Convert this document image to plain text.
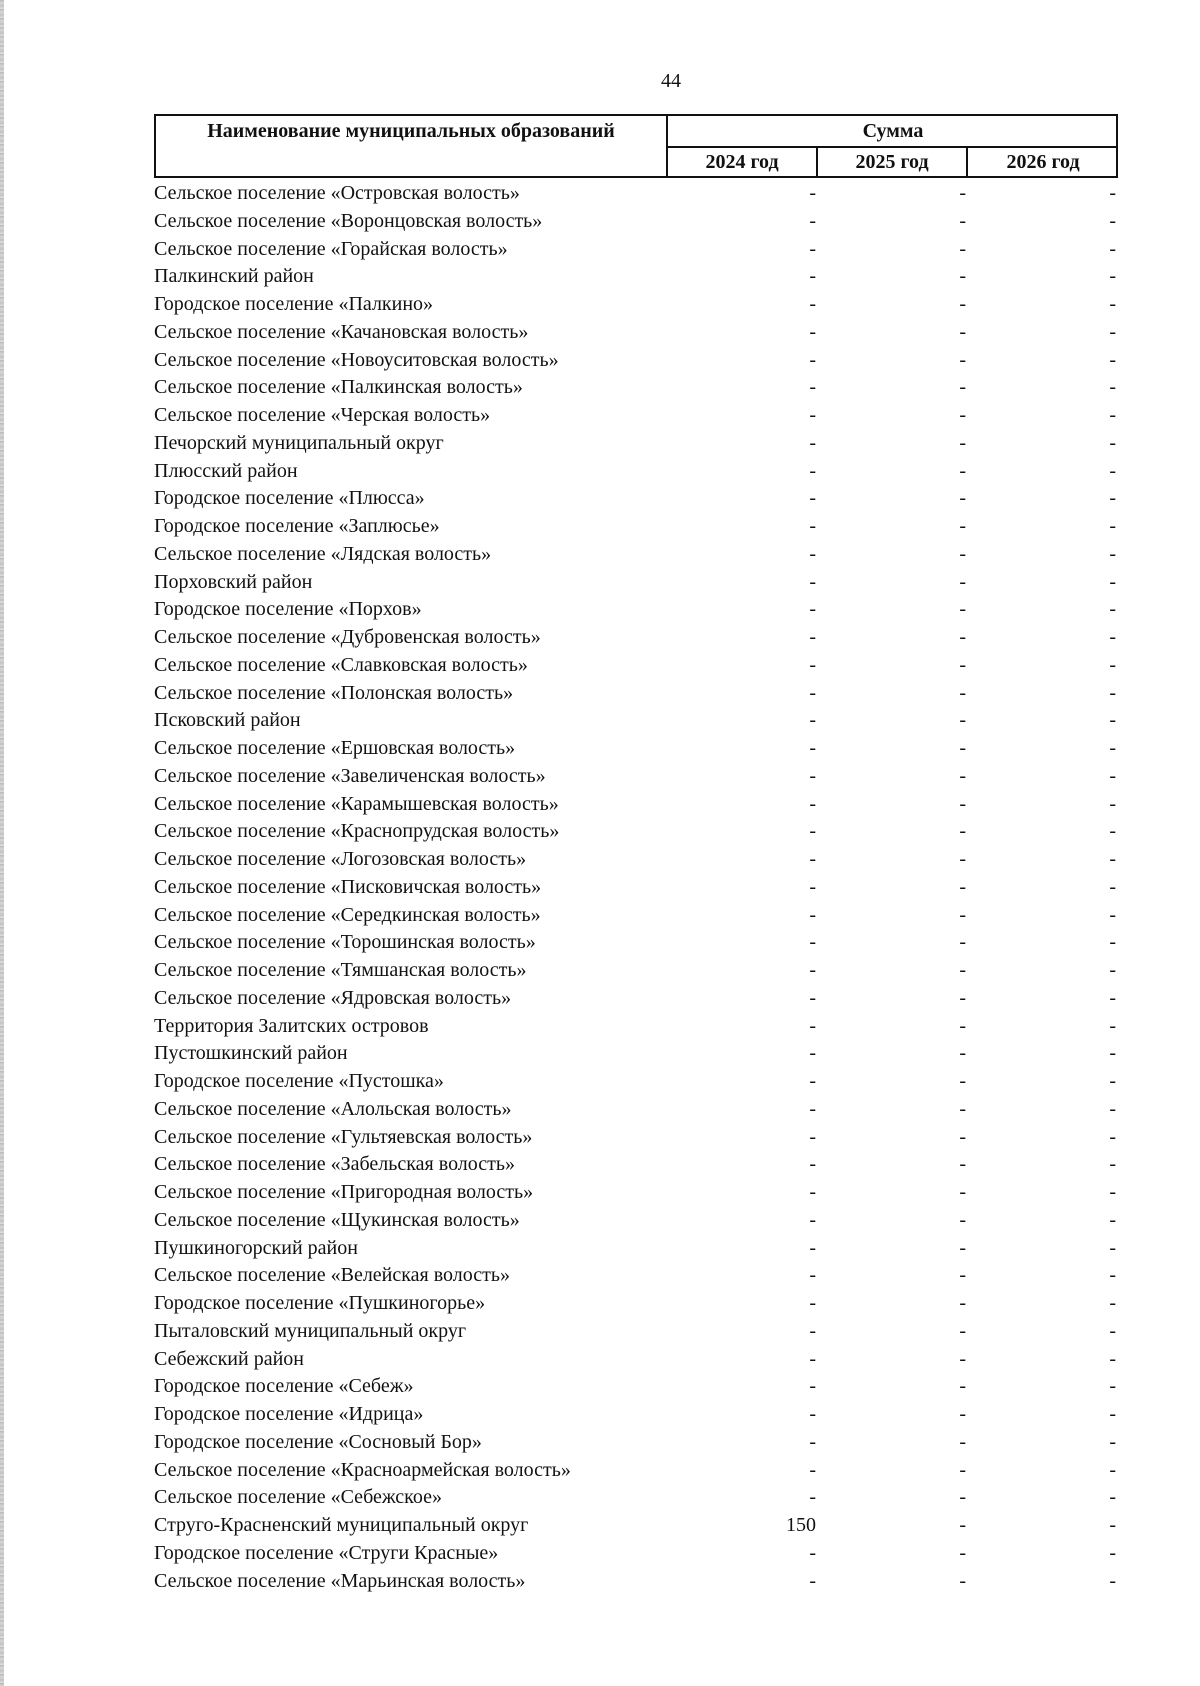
44
Наименование муниципальных образований	Сумма
2024 год	2025 год	2026 год
Сельское поселение «Островская волость»	-	-	-
Сельское поселение «Воронцовская волость»	-	-	-
Сельское поселение «Горайская волость»	-	-	-
Палкинский район	-	-	-
Городское поселение «Палкино»	-	-	-
Сельское поселение «Качановская волость»	-	-	-
Сельское поселение «Новоуситовская волость»	-	-	-
Сельское поселение «Палкинская волость»	-	-	-
Сельское поселение «Черская волость»	-	-	-
Печорский муниципальный округ	-	-	-
Плюсский район	-	-	-
Городское поселение «Плюсса»	-	-	-
Городское поселение «Заплюсье»	-	-	-
Сельское поселение «Лядская волость»	-	-	-
Порховский район	-	-	-
Городское поселение «Порхов»	-	-	-
Сельское поселение «Дубровенская волость»	-	-	-
Сельское поселение «Славковская волость»	-	-	-
Сельское поселение «Полонская волость»	-	-	-
Псковский район	-	-	-
Сельское поселение «Ершовская волость»	-	-	-
Сельское поселение «Завеличенская волость»	-	-	-
Сельское поселение «Карамышевская волость»	-	-	-
Сельское поселение «Краснопрудская волость»	-	-	-
Сельское поселение «Логозовская волость»	-	-	-
Сельское поселение «Писковичская волость»	-	-	-
Сельское поселение «Середкинская волость»	-	-	-
Сельское поселение «Торошинская волость»	-	-	-
Сельское поселение «Тямшанская волость»	-	-	-
Сельское поселение «Ядровская волость»	-	-	-
Территория Залитских островов	-	-	-
Пустошкинский район	-	-	-
Городское поселение «Пустошка»	-	-	-
Сельское поселение «Алольская волость»	-	-	-
Сельское поселение «Гультяевская волость»	-	-	-
Сельское поселение «Забельская волость»	-	-	-
Сельское поселение «Пригородная волость»	-	-	-
Сельское поселение «Щукинская волость»	-	-	-
Пушкиногорский район	-	-	-
Сельское поселение «Велейская волость»	-	-	-
Городское поселение «Пушкиногорье»	-	-	-
Пыталовский муниципальный округ	-	-	-
Себежский район	-	-	-
Городское поселение «Себеж»	-	-	-
Городское поселение «Идрица»	-	-	-
Городское поселение «Сосновый Бор»	-	-	-
Сельское поселение «Красноармейская волость»	-	-	-
Сельское поселение «Себежское»	-	-	-
Струго-Красненский муниципальный округ	150	-	-
Городское поселение «Струги Красные»	-	-	-
Сельское поселение «Марьинская волость»	-	-	-
